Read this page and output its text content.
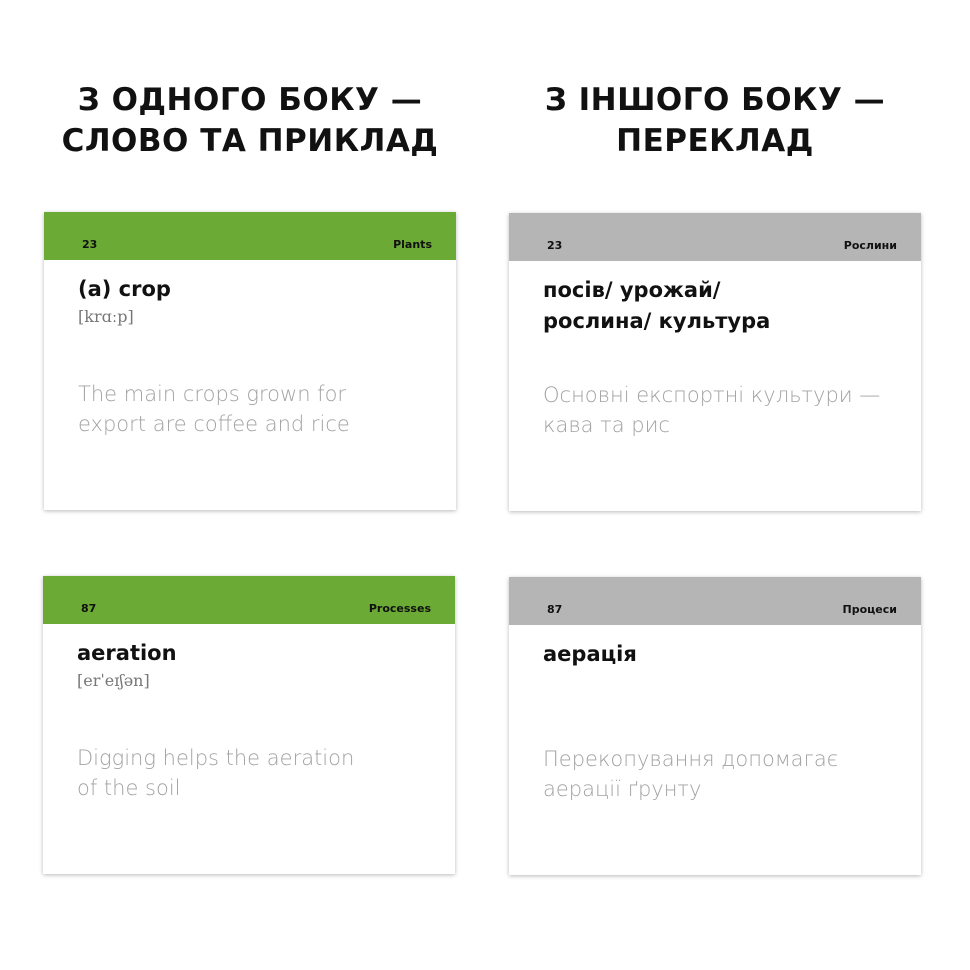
З ОДНОГО БОКУ —
СЛОВО ТА ПРИКЛАД
З ІНШОГО БОКУ —
ПЕРЕКЛАД
23	Plants
(a) crop
[krɑːp]
The main crops grown for
export are coffee and rice
23	Рослини
посів/ урожай/
рослина/ культура
Основні експортні культури —
кава та рис
87	Processes
aeration
[erˈeɪʃən]
Digging helps the aeration
of the soil
87	Процеси
аерація
Перекопування допомагає
аерації ґрунту
